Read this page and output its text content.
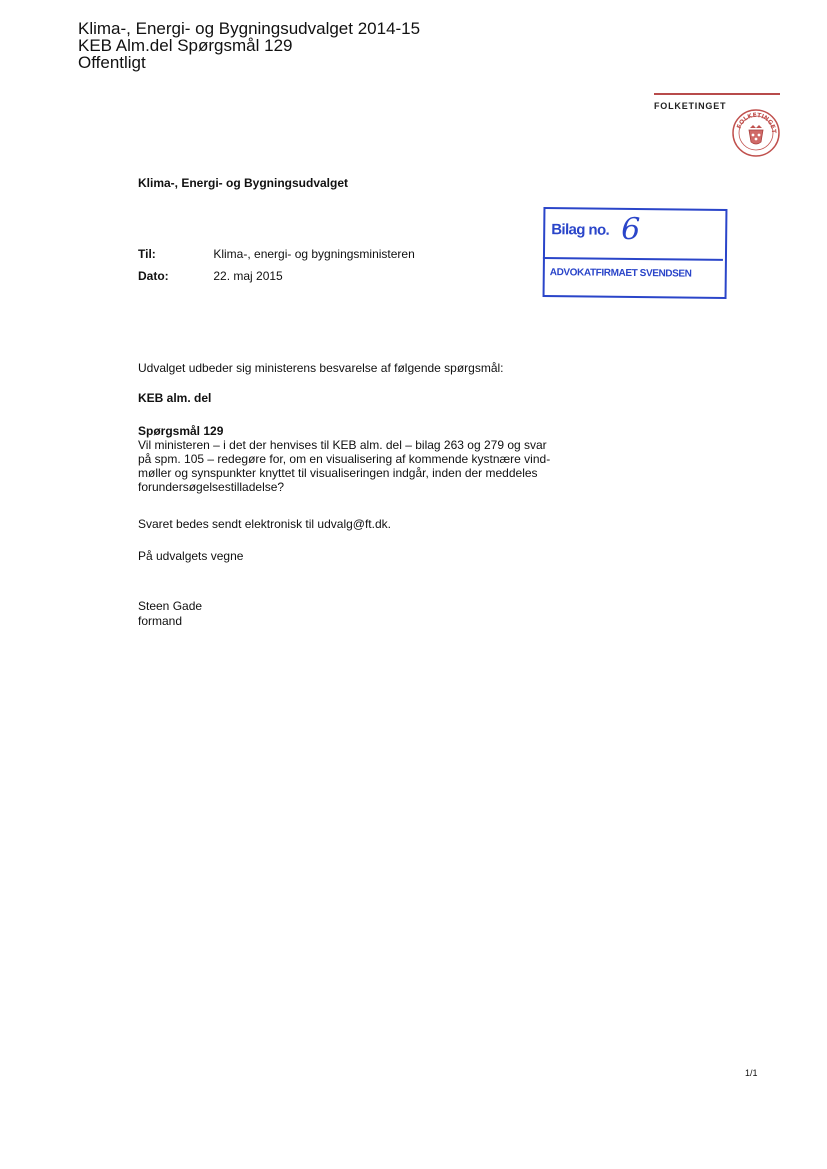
Klima-, Energi- og Bygningsudvalget 2014-15
KEB Alm.del Spørgsmål 129
Offentligt
FOLKETINGET
FOLKETINGET
Klima-, Energi- og Bygningsudvalget
Til:	Klima-, energi- og bygningsministeren
Dato:	22. maj 2015
Bilag no. 6
ADVOKATFIRMAET SVENDSEN
Udvalget udbeder sig ministerens besvarelse af følgende spørgsmål:
KEB alm. del
Spørgsmål 129
Vil ministeren – i det der henvises til KEB alm. del – bilag 263 og 279 og svar
på spm. 105 – redegøre for, om en visualisering af kommende kystnære vind-
møller og synspunkter knyttet til visualiseringen indgår, inden der meddeles
forundersøgelsestilladelse?
Svaret bedes sendt elektronisk til udvalg@ft.dk.
På udvalgets vegne
Steen Gade
formand
1/1
